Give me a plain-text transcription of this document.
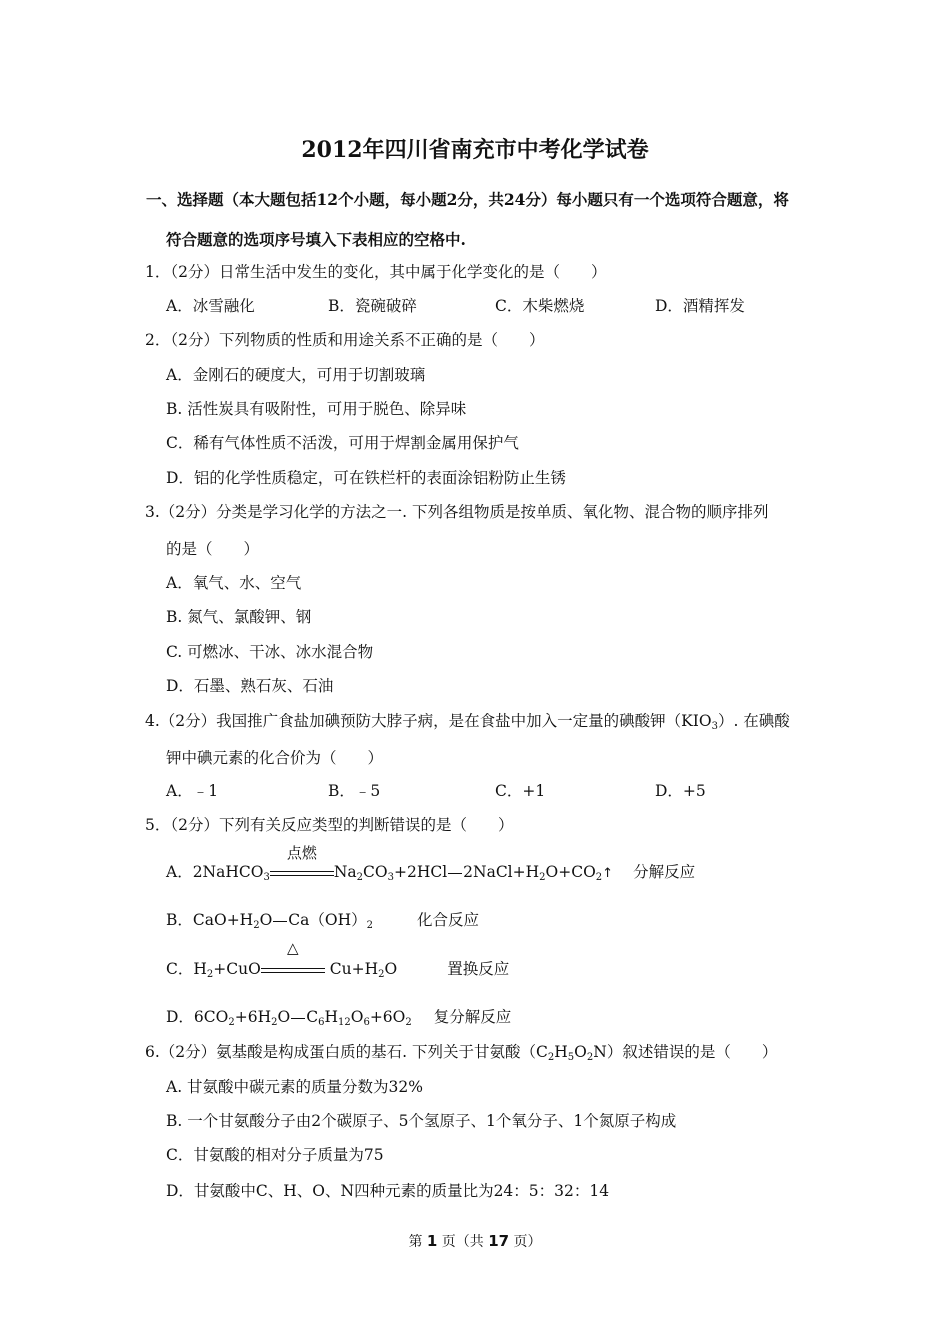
2012年四川省南充市中考化学试卷
一、选择题（本大题包括12个小题，每小题2分，共24分）每小题只有一个选项符合题意，将
符合题意的选项序号填入下表相应的空格中.
1．（2分）日常生活中发生的变化，其中属于化学变化的是（　　）
A．冰雪融化	B．瓷碗破碎	C．木柴燃烧	D．酒精挥发
2．（2分）下列物质的性质和用途关系不正确的是（　　）
A．金刚石的硬度大，可用于切割玻璃
B. 活性炭具有吸附性，可用于脱色、除异味
C．稀有气体性质不活泼，可用于焊割金属用保护气
D．铝的化学性质稳定，可在铁栏杆的表面涂铝粉防止生锈
3.（2分）分类是学习化学的方法之一. 下列各组物质是按单质、氧化物、混合物的顺序排列
的是（　　）
A．氧气、水、空气
B. 氮气、氯酸钾、钢
C. 可燃冰、干冰、冰水混合物
D．石墨、熟石灰、石油
4.（2分）我国推广食盐加碘预防大脖子病，是在食盐中加入一定量的碘酸钾$(KIO_3)$. 在碘酸
钾中碘元素的化合价为（　　）
A．﹣1	B．﹣5	C．+1	D．+5
5．（2分）下列有关反应类型的判断错误的是（　　）
A．2NaHCO$_3$
点燃
$Na_2CO_3+2HCl$ $2NaCl+H_2O+CO_2↑$ 分解反应
B．$CaO+H_2O$ $Ca(OH)_2$	化合反应
C．$H_2+CuO$
△
$Cu+H_2O$	置换反应
D．$6CO_2+6H_2O$ $C_6H_{12}O_6+6O_2$ 复分解反应
6.（2分）氨基酸是构成蛋白质的基石. 下列关于甘氨酸$(C_2H_5O_2N)$叙述错误的是（　　）
A. 甘氨酸中碳元素的质量分数为32%
B. 一个甘氨酸分子由2个碳原子、5个氢原子、1个氧分子、1个氮原子构成
C．甘氨酸的相对分子质量为75
D．甘氨酸中C、H、O、N四种元素的质量比为24：5：32：14
第 1 页（共 17 页）
